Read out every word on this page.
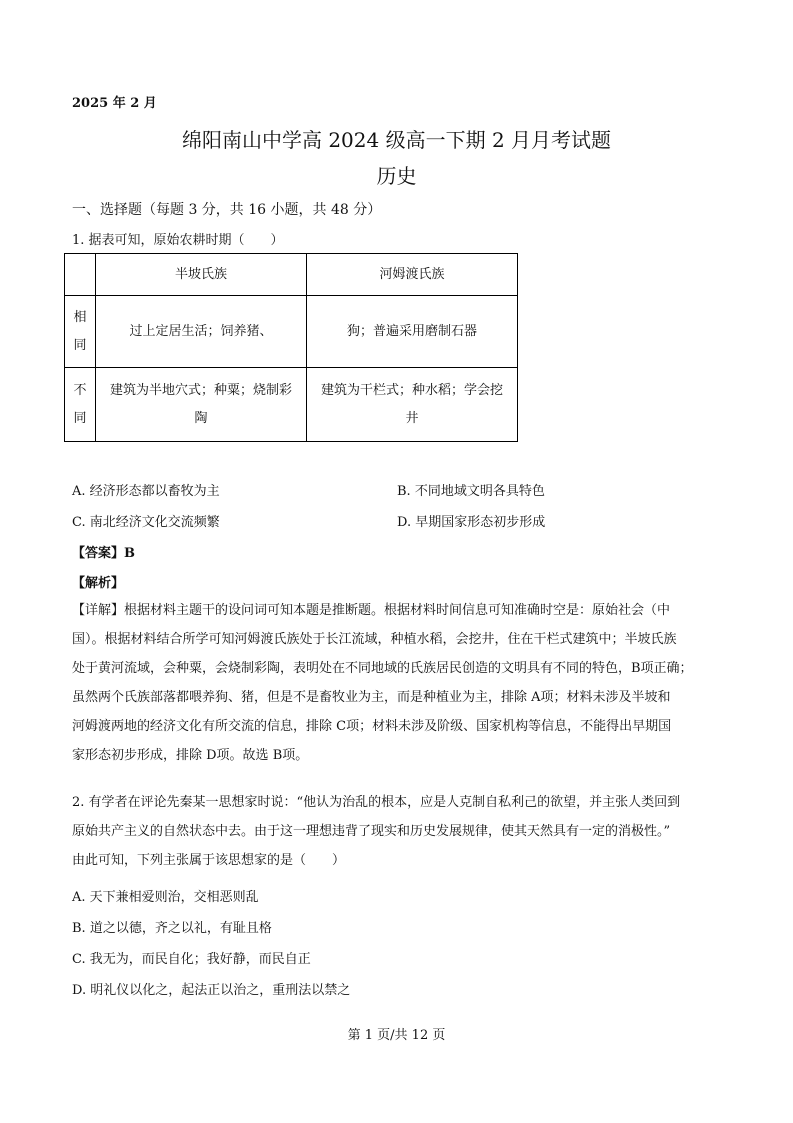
2025 年 2 月
绵阳南山中学高 2024 级高一下期 2 月月考试题
历史
一、选择题（每题 3 分，共 16 小题，共 48 分）
1. 据表可知，原始农耕时期（　　）
	半坡氏族	河姆渡氏族
相
同	过上定居生活；饲养猪、	狗；普遍采用磨制石器
不
同	建筑为半地穴式；种粟；烧制彩
陶	建筑为干栏式；种水稻；学会挖
井
A. 经济形态都以畜牧为主	B. 不同地域文明各具特色
C. 南北经济文化交流频繁	D. 早期国家形态初步形成
【答案】B
【解析】
【详解】根据材料主题干的设问词可知本题是推断题。根据材料时间信息可知准确时空是：原始社会（中
国）。根据材料结合所学可知河姆渡氏族处于长江流域，种植水稻，会挖井，住在干栏式建筑中；半坡氏族
处于黄河流域，会种粟，会烧制彩陶，表明处在不同地域的氏族居民创造的文明具有不同的特色，B项正确；
虽然两个氏族部落都喂养狗、猪，但是不是畜牧业为主，而是种植业为主，排除 A项；材料未涉及半坡和
河姆渡两地的经济文化有所交流的信息，排除 C项；材料未涉及阶级、国家机构等信息，不能得出早期国
家形态初步形成，排除 D项。故选 B项。
2. 有学者在评论先秦某一思想家时说：“他认为治乱的根本，应是人克制自私利己的欲望，并主张人类回到
原始共产主义的自然状态中去。由于这一理想违背了现实和历史发展规律，使其天然具有一定的消极性。”
由此可知，下列主张属于该思想家的是（　　）
A. 天下兼相爱则治，交相恶则乱
B. 道之以德，齐之以礼，有耻且格
C. 我无为，而民自化；我好静，而民自正
D. 明礼仪以化之，起法正以治之，重刑法以禁之
第 1 页/共 12 页
